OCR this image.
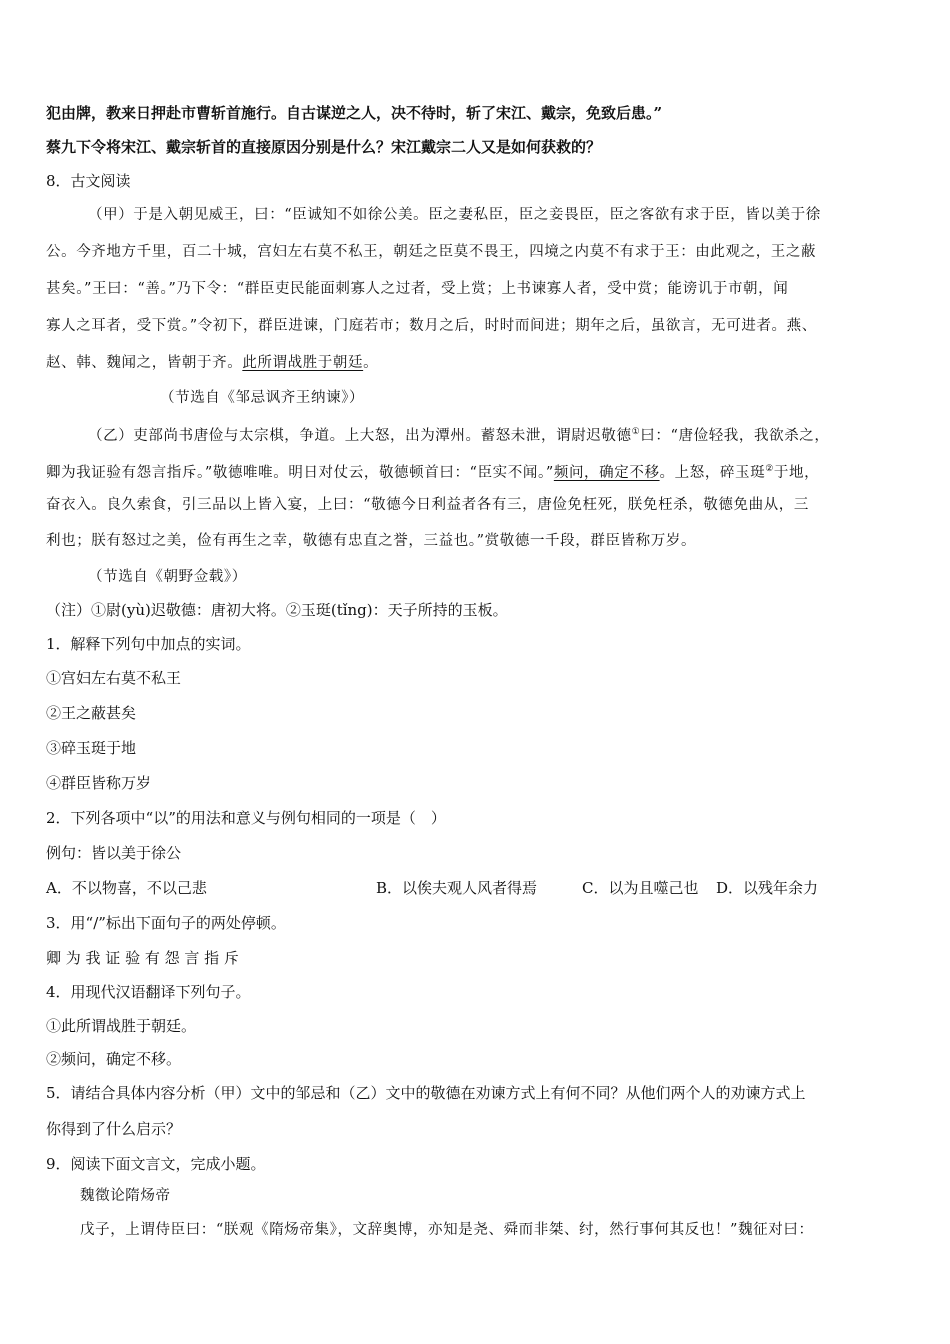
犯由牌，教来日押赴市曹斩首施行。自古谋逆之人，决不待时，斩了宋江、戴宗，免致后患。”
蔡九下令将宋江、戴宗斩首的直接原因分别是什么？宋江戴宗二人又是如何获救的？
8．古文阅读
（甲）于是入朝见威王，曰：“臣诚知不如徐公美。臣之妻私臣，臣之妾畏臣，臣之客欲有求于臣，皆以美于徐
公。今齐地方千里，百二十城，宫妇左右莫不私王，朝廷之臣莫不畏王，四境之内莫不有求于王：由此观之，王之蔽
甚矣。”王曰：“善。”乃下令：“群臣吏民能面刺寡人之过者，受上赏；上书谏寡人者，受中赏；能谤讥于市朝，闻
寡人之耳者，受下赏。”令初下，群臣进谏，门庭若市；数月之后，时时而间进；期年之后，虽欲言，无可进者。燕、
赵、韩、魏闻之，皆朝于齐。此所谓战胜于朝廷。
（节选自《邹忌讽齐王纳谏》）
（乙）吏部尚书唐俭与太宗棋，争道。上大怒，出为潭州。蓄怒未泄，谓尉迟敬德①曰：“唐俭轻我，我欲杀之，
卿为我证验有怨言指斥。”敬德唯唯。明日对仗云，敬德顿首曰：“臣实不闻。”频问，确定不移。上怒，碎玉珽②于地，
奋衣入。良久索食，引三品以上皆入宴，上曰：“敬德今日利益者各有三，唐俭免枉死，朕免枉杀，敬德免曲从，三
利也；朕有怒过之美，俭有再生之幸，敬德有忠直之誉，三益也。”赏敬德一千段，群臣皆称万岁。
（节选自《朝野佥载》）
（注）①尉(yù)迟敬德：唐初大将。②玉珽(tǐng)：天子所持的玉板。
1．解释下列句中加点的实词。
①宫妇左右莫不私王
②王之蔽甚矣
③碎玉珽于地
④群臣皆称万岁
2．下列各项中“以”的用法和意义与例句相同的一项是（　）
例句：皆以美于徐公
A．不以物喜，不以己悲	B．以俟夫观人风者得焉	C．以为且噬己也 D．以残年余力
3．用“/”标出下面句子的两处停顿。
卿 为 我 证 验 有 怨 言 指 斥
4．用现代汉语翻译下列句子。
①此所谓战胜于朝廷。
②频问，确定不移。
5．请结合具体内容分析（甲）文中的邹忌和（乙）文中的敬德在劝谏方式上有何不同？从他们两个人的劝谏方式上
你得到了什么启示？
9．阅读下面文言文，完成小题。
魏徵论隋炀帝
戊子，上谓侍臣曰：“朕观《隋炀帝集》，文辞奥博，亦知是尧、舜而非桀、纣，然行事何其反也！”魏征对曰：
